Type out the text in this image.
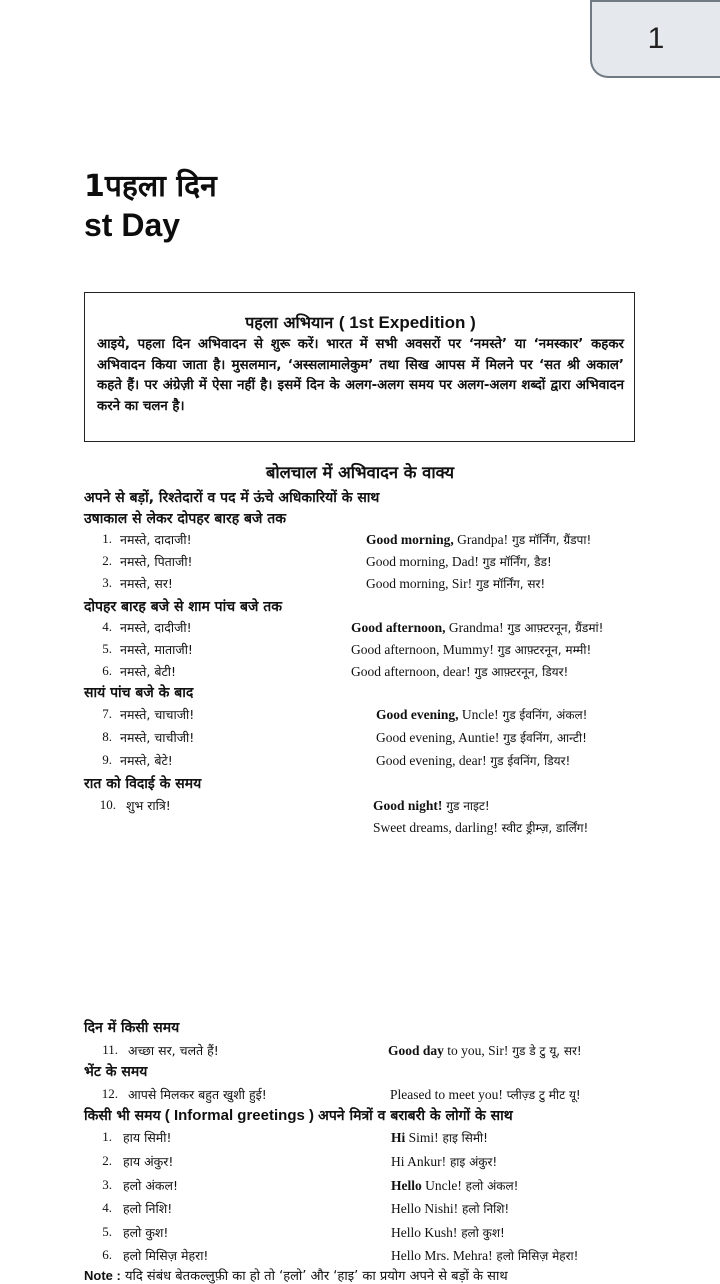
1
1पहला दिन
st Day
पहला अभियान ( 1st Expedition )
आइये, पहला दिन अभिवादन से शुरू करें। भारत में सभी अवसरों पर ‘नमस्ते’ या ‘नमस्कार’ कहकर अभिवादन किया जाता है। मुसलमान, ‘अस्सलामालेकुम’ तथा सिख आपस में मिलने पर ‘सत श्री अकाल’ कहते हैं। पर अंग्रेज़ी में ऐसा नहीं है। इसमें दिन के अलग-अलग समय पर अलग-अलग शब्दों द्वारा अभिवादन करने का चलन है।
बोलचाल में अभिवादन के वाक्य
अपने से बड़ों, रिश्तेदारों व पद में ऊंचे अधिकारियों के साथ
उषाकाल से लेकर दोपहर बारह बजे तक
1. नमस्ते, दादाजी!	Good morning, Grandpa! गुड मॉर्निंग, ग्रैंडपा!
2. नमस्ते, पिताजी!	Good morning, Dad! गुड मॉर्निंग, डैड!
3. नमस्ते, सर!	Good morning, Sir! गुड मॉर्निंग, सर!
दोपहर बारह बजे से शाम पांच बजे तक
4. नमस्ते, दादीजी!	Good afternoon, Grandma! गुड आफ़्टरनून, ग्रैंडमां!
5. नमस्ते, माताजी!	Good afternoon, Mummy! गुड आफ़्टरनून, मम्मी!
6. नमस्ते, बेटी!	Good afternoon, dear! गुड आफ़्टरनून, डियर!
सायं पांच बजे के बाद
7. नमस्ते, चाचाजी!	Good evening, Uncle! गुड ईवनिंग, अंकल!
8. नमस्ते, चाचीजी!	Good evening, Auntie! गुड ईवनिंग, आन्टी!
9. नमस्ते, बेटे!	Good evening, dear! गुड ईवनिंग, डियर!
रात को विदाई के समय
10. शुभ रात्रि!	Good night! गुड नाइट!
Sweet dreams, darling! स्वीट ड्रीम्ज़, डार्लिंग!
दिन में किसी समय
11. अच्छा सर, चलते हैं!	Good day to you, Sir! गुड डे टु यू, सर!
भेंट के समय
12. आपसे मिलकर बहुत खुशी हुई!	Pleased to meet you! प्लीज़्ड टु मीट यू!
किसी भी समय ( Informal greetings ) अपने मित्रों व बराबरी के लोगों के साथ
1. हाय सिमी!	Hi Simi! हाइ सिमी!
2. हाय अंकुर!	Hi Ankur! हाइ अंकुर!
3. हलो अंकल!	Hello Uncle! हलो अंकल!
4. हलो निशि!	Hello Nishi! हलो निशि!
5. हलो कुश!	Hello Kush! हलो कुश!
6. हलो मिसिज़ मेहरा!	Hello Mrs. Mehra! हलो मिसिज़ मेहरा!
Note : यदि संबंध बेतकल्लुफ़ी का हो तो ‘हलो’ और ‘हाइ’ का प्रयोग अपने से बड़ों के साथ
